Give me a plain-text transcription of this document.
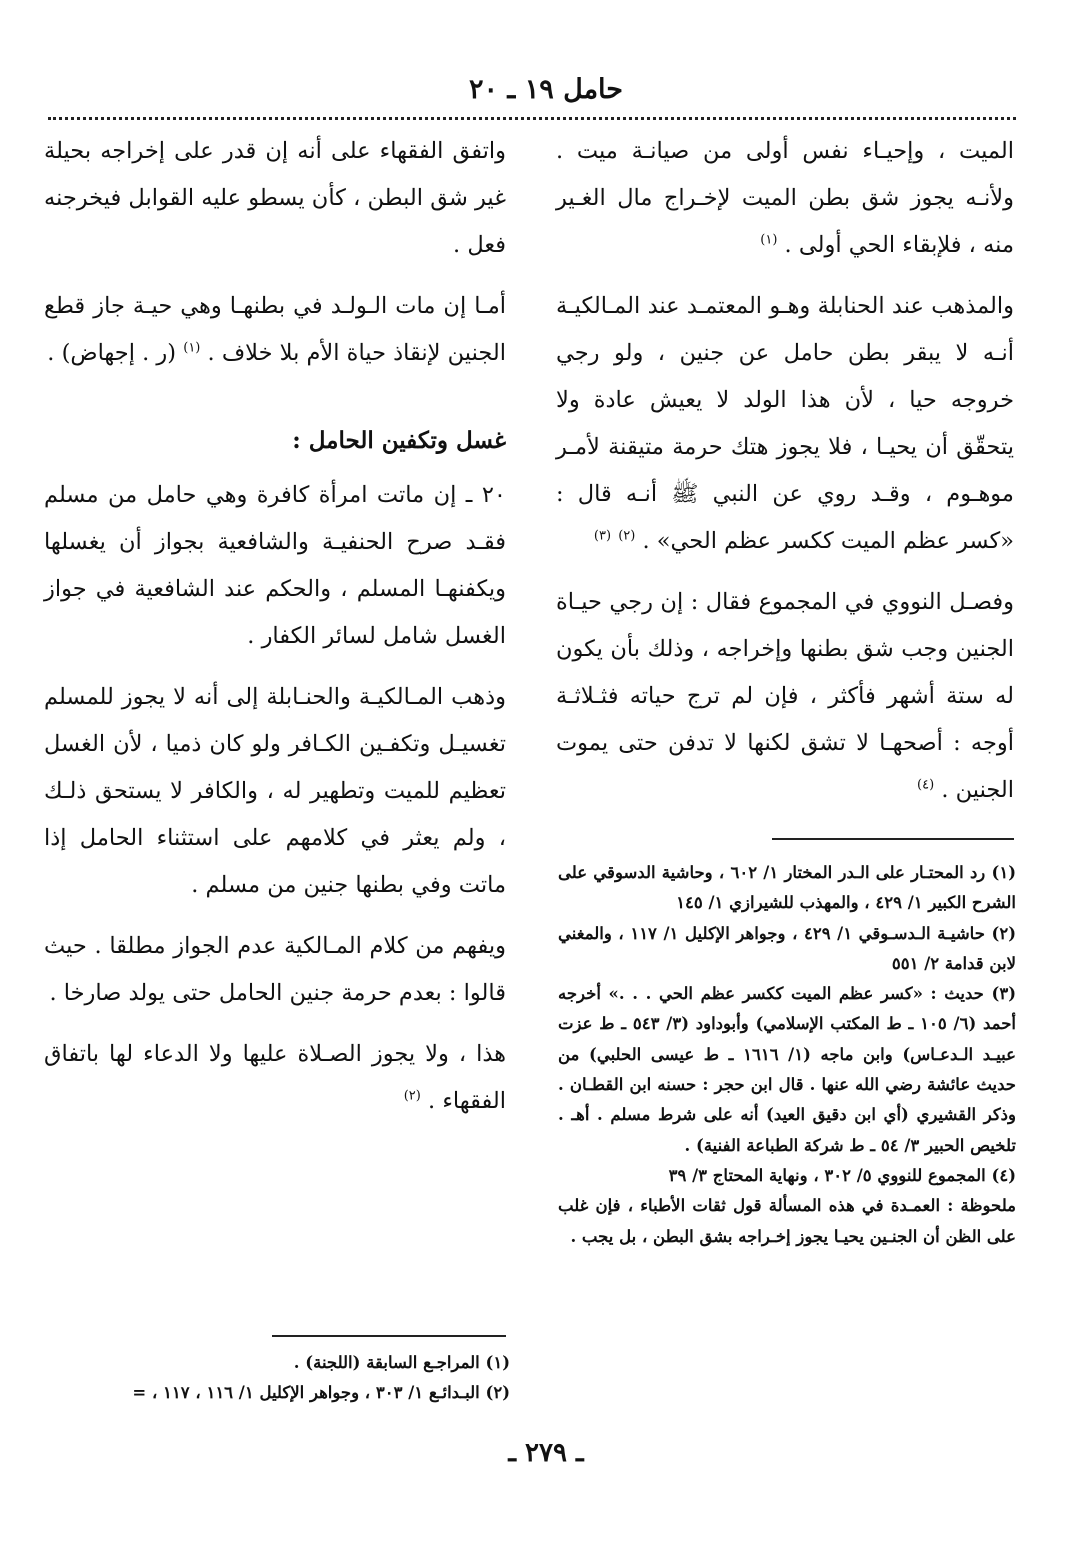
حامل ١٩ ـ ٢٠

الميت ، وإحيـاء نفس أولى من صيانـة ميت . ولأنـه يجوز شق بطن الميت لإخـراج مال الغـير منه ، فلإبقاء الحي أولى . $^{(١)}$

والمذهب عند الحنابلة وهـو المعتمـد عند المـالكيـة أنـه لا يبقر بطن حامل عن جنين ، ولو رجي خروجه حيا ، لأن هذا الولد لا يعيش عادة ولا يتحقّق أن يحيـا ، فلا يجوز هتك حرمة متيقنة لأمـر موهـوم ، وقـد روي عن النبي ﷺ أنـه قال : «كسر عظم الميت ككسر عظم الحي» . $^{(٢)}$ $^{(٣)}$

وفصـل النووي في المجموع فقال : إن رجي حيـاة الجنين وجب شق بطنها وإخراجه ، وذلك بأن يكون له ستة أشهر فأكثر ، فإن لم ترج حياته فثـلاثـة أوجه : أصحهـا لا تشق لكنها لا تدفن حتى يموت الجنين . $^{(٤)}$

(١) رد المحتـار على الـدر المختار ١/ ٦٠٢ ، وحاشية الدسوقي على الشرح الكبير ١/ ٤٢٩ ، والمهذب للشيرازي ١/ ١٤٥

(٢) حاشيـة الـدسـوقي ١/ ٤٢٩ ، وجواهر الإكليل ١/ ١١٧ ، والمغني لابن قدامة ٢/ ٥٥١

(٣) حديث : «كسر عظم الميت ككسر عظم الحي . . .» أخرجه أحمد (٦/ ١٠٥ ـ ط المكتب الإسلامي) وأبوداود (٣/ ٥٤٣ ـ ط عزت عبيـد الـدعـاس) وابن ماجه (١/ ١٦١٦ ـ ط عيسى الحلبي) من حديث عائشة رضي الله عنها . قال ابن حجر : حسنه ابن القطـان . وذكر القشيري (أي ابن دقيق العيد) أنه على شرط مسلم . أهـ . تلخيص الحبير ٣/ ٥٤ ـ ط شركة الطباعة الفنية) .

(٤) المجموع للنووي ٥/ ٣٠٢ ، ونهاية المحتاج ٣/ ٣٩

ملحوظة : العمـدة في هذه المسألة قول ثقات الأطباء ، فإن غلب على الظن أن الجنـين يحيـا يجوز إخـراجه بشق البطن ، بل يجب .

واتفق الفقهاء على أنه إن قدر على إخراجه بحيلة غير شق البطن ، كأن يسطو عليه القوابل فيخرجنه فعل .

أمـا إن مات الـولـد في بطنهـا وهي حيـة جاز قطع الجنين لإنقاذ حياة الأم بلا خلاف . $^{(١)}$ (ر . إجهاض) .

غسل وتكفين الحامل :

٢٠ ـ إن ماتت امرأة كافرة وهي حامل من مسلم فقـد صرح الحنفيـة والشافعية بجواز أن يغسلها ويكفنهـا المسلم ، والحكم عند الشافعية في جواز الغسل شامل لسائر الكفار .

وذهب المـالكيـة والحنـابلة إلى أنه لا يجوز للمسلم تغسيـل وتكفـين الكـافر ولو كان ذميا ، لأن الغسل تعظيم للميت وتطهير له ، والكافر لا يستحق ذلـك ، ولم يعثر في كلامهم على استثناء الحامل إذا ماتت وفي بطنها جنين من مسلم .

ويفهم من كلام المـالكية عدم الجواز مطلقا . حيث قالوا : بعدم حرمة جنين الحامل حتى يولد صارخا .

هذا ، ولا يجوز الصـلاة عليها ولا الدعاء لها باتفاق الفقهاء . $^{(٢)}$

(١) المراجـع السابقة (اللجنة) .

(٢) البـدائـع ١/ ٣٠٣ ، وجواهر الإكليل ١/ ١١٦ ، ١١٧ ، =

ـ ٢٧٩ ـ
